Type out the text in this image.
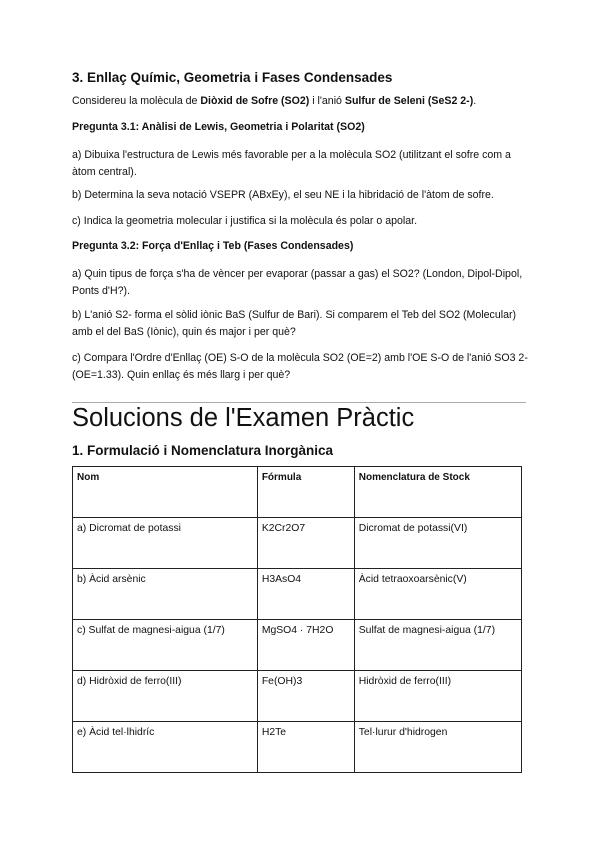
3. Enllaç Químic, Geometria i Fases Condensades

Considereu la molècula de Diòxid de Sofre (SO2) i l'anió Sulfur de Seleni (SeS2 2-).

Pregunta 3.1: Anàlisi de Lewis, Geometria i Polaritat (SO2)

a) Dibuixa l'estructura de Lewis més favorable per a la molècula SO2 (utilitzant el sofre com a àtom central).

b) Determina la seva notació VSEPR (ABxEy), el seu NE i la hibridació de l'àtom de sofre.

c) Indica la geometria molecular i justifica si la molècula és polar o apolar.

Pregunta 3.2: Força d'Enllaç i Teb (Fases Condensades)

a) Quin tipus de força s'ha de vèncer per evaporar (passar a gas) el SO2? (London, Dipol-Dipol, Ponts d'H?).

b) L'anió S2- forma el sòlid iònic BaS (Sulfur de Bari). Si comparem el Teb del SO2 (Molecular) amb el del BaS (Iònic), quin és major i per què?

c) Compara l'Ordre d'Enllaç (OE) S-O de la molècula SO2 (OE=2) amb l'OE S-O de l'anió SO3 2- (OE=1.33). Quin enllaç és més llarg i per què?

Solucions de l'Examen Pràctic
1. Formulació i Nomenclatura Inorgànica
Nom	Fórmula	Nomenclatura de Stock
a) Dicromat de potassi	K2Cr2O7	Dicromat de potassi(VI)
b) Àcid arsènic	H3AsO4	Àcid tetraoxoarsènic(V)
c) Sulfat de magnesi-aigua (1/7)	MgSO4 · 7H2O	Sulfat de magnesi-aigua (1/7)
d) Hidròxid de ferro(III)	Fe(OH)3	Hidròxid de ferro(III)
e) Àcid tel·lhidríc	H2Te	Tel·lurur d'hidrogen
